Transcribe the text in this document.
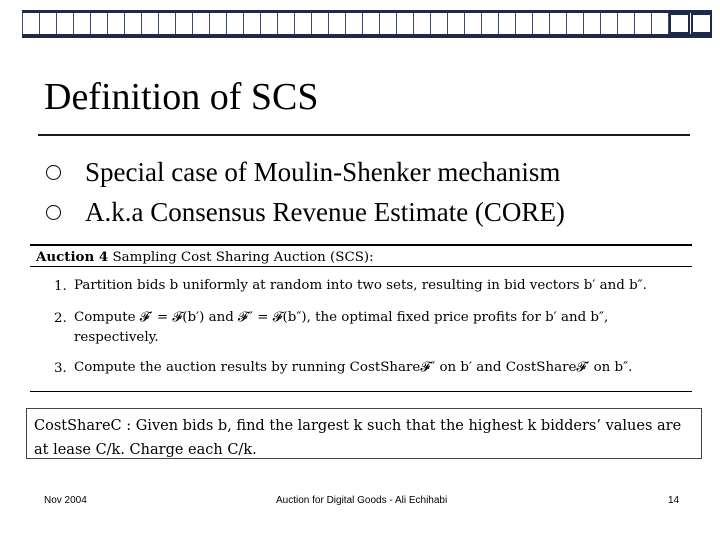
Definition of SCS
Special case of Moulin-Shenker mechanism
A.k.a Consensus Revenue Estimate (CORE)
Auction 4 Sampling Cost Sharing Auction (SCS):
1. Partition bids b uniformly at random into two sets, resulting in bid vectors b′ and b″.
2. Compute 𝓕′ = 𝓕(b′) and 𝓕″ = 𝓕(b″), the optimal fixed price profits for b′ and b″, respectively.
3. Compute the auction results by running CostShare𝓕″ on b′ and CostShare𝓕′ on b″.
CostShareC : Given bids b, find the largest k such that the highest k bidders’ values are
at lease C/k. Charge each C/k.
Nov 2004	Auction for Digital Goods - Ali Echihabi	14
